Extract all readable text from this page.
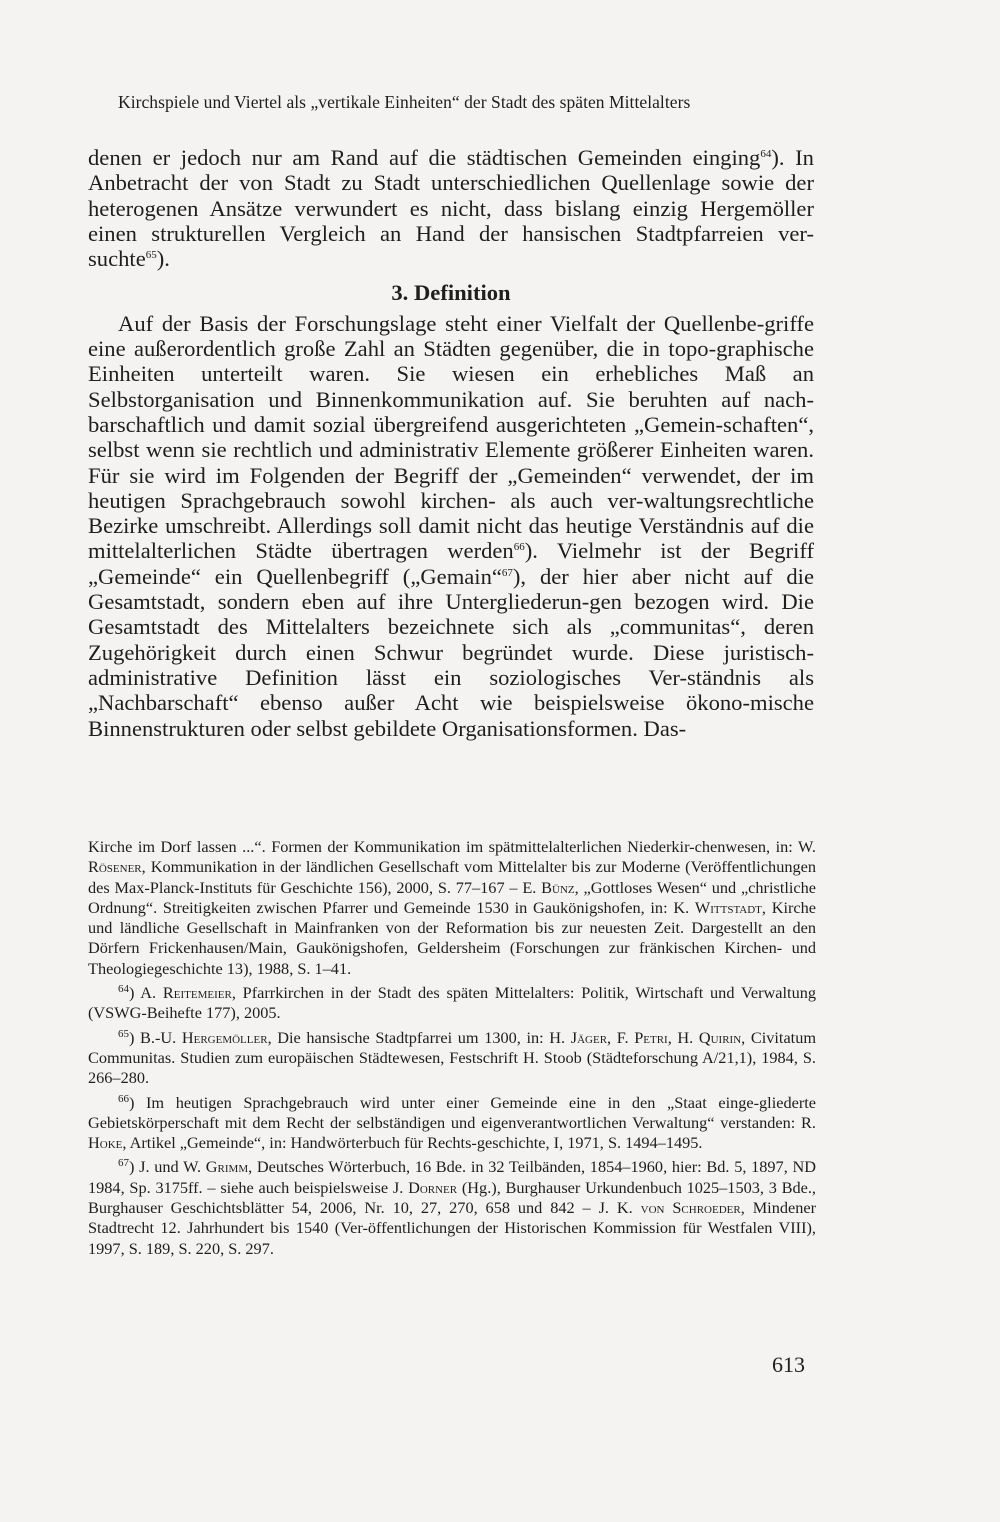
Kirchspiele und Viertel als „vertikale Einheiten“ der Stadt des späten Mittelalters

denen er jedoch nur am Rand auf die städtischen Gemeinden einging$^{64}$). In Anbetracht der von Stadt zu Stadt unterschiedlichen Quellenlage sowie der heterogenen Ansätze verwundert es nicht, dass bislang einzig Hergemöller einen strukturellen Vergleich an Hand der hansischen Stadtpfarreien ver-suchte$^{65}$).

3. Definition

Auf der Basis der Forschungslage steht einer Vielfalt der Quellenbe-griffe eine außerordentlich große Zahl an Städten gegenüber, die in topo-graphische Einheiten unterteilt waren. Sie wiesen ein erhebliches Maß an Selbstorganisation und Binnenkommunikation auf. Sie beruhten auf nach-barschaftlich und damit sozial übergreifend ausgerichteten „Gemein-schaften“, selbst wenn sie rechtlich und administrativ Elemente größerer Einheiten waren. Für sie wird im Folgenden der Begriff der „Gemeinden“ verwendet, der im heutigen Sprachgebrauch sowohl kirchen- als auch ver-waltungsrechtliche Bezirke umschreibt. Allerdings soll damit nicht das heutige Verständnis auf die mittelalterlichen Städte übertragen werden$^{66}$). Vielmehr ist der Begriff „Gemeinde“ ein Quellenbegriff („Gemain“$^{67}$), der hier aber nicht auf die Gesamtstadt, sondern eben auf ihre Untergliederun-gen bezogen wird. Die Gesamtstadt des Mittelalters bezeichnete sich als „communitas“, deren Zugehörigkeit durch einen Schwur begründet wurde. Diese juristisch-administrative Definition lässt ein soziologisches Ver-ständnis als „Nachbarschaft“ ebenso außer Acht wie beispielsweise ökono-mische Binnenstrukturen oder selbst gebildete Organisationsformen. Das-

Kirche im Dorf lassen ...“. Formen der Kommunikation im spätmittelalterlichen Niederkir-chenwesen, in: W. Rösener, Kommunikation in der ländlichen Gesellschaft vom Mittelalter bis zur Moderne (Veröffentlichungen des Max-Planck-Instituts für Geschichte 156), 2000, S. 77–167 – E. Bünz, „Gottloses Wesen“ und „christliche Ordnung“. Streitigkeiten zwischen Pfarrer und Gemeinde 1530 in Gaukönigshofen, in: K. Wittstadt, Kirche und ländliche Gesellschaft in Mainfranken von der Reformation bis zur neuesten Zeit. Dargestellt an den Dörfern Frickenhausen/Main, Gaukönigshofen, Geldersheim (Forschungen zur fränkischen Kirchen- und Theologiegeschichte 13), 1988, S. 1–41.

$^{64}$) A. Reitemeier, Pfarrkirchen in der Stadt des späten Mittelalters: Politik, Wirtschaft und Verwaltung (VSWG-Beihefte 177), 2005.

$^{65}$) B.-U. Hergemöller, Die hansische Stadtpfarrei um 1300, in: H. Jäger, F. Petri, H. Quirin, Civitatum Communitas. Studien zum europäischen Städtewesen, Festschrift H. Stoob (Städteforschung A/21,1), 1984, S. 266–280.

$^{66}$) Im heutigen Sprachgebrauch wird unter einer Gemeinde eine in den „Staat einge-gliederte Gebietskörperschaft mit dem Recht der selbständigen und eigenverantwortlichen Verwaltung“ verstanden: R. Hoke, Artikel „Gemeinde“, in: Handwörterbuch für Rechts-geschichte, I, 1971, S. 1494–1495.

$^{67}$) J. und W. Grimm, Deutsches Wörterbuch, 16 Bde. in 32 Teilbänden, 1854–1960, hier: Bd. 5, 1897, ND 1984, Sp. 3175ff. – siehe auch beispielsweise J. Dorner (Hg.), Burghauser Urkundenbuch 1025–1503, 3 Bde., Burghauser Geschichtsblätter 54, 2006, Nr. 10, 27, 270, 658 und 842 – J. K. von Schroeder, Mindener Stadtrecht 12. Jahrhundert bis 1540 (Ver-öffentlichungen der Historischen Kommission für Westfalen VIII), 1997, S. 189, S. 220, S. 297.

613
